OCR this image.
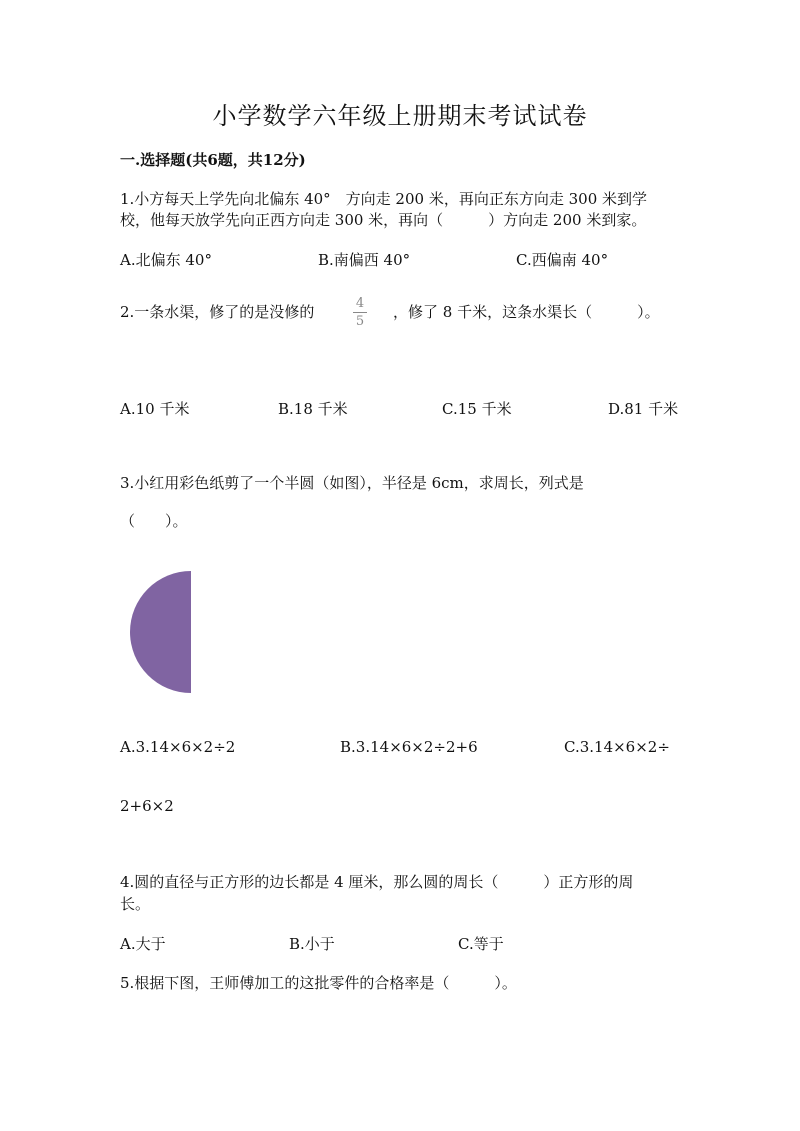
小学数学六年级上册期末考试试卷
一.选择题(共6题，共12分)
1.小方每天上学先向北偏东 40°　方向走 200 米，再向正东方向走 300 米到学
校，他每天放学先向正西方向走 300 米，再向（　　　）方向走 200 米到家。
A.北偏东 40°	B.南偏西 40°	C.西偏南 40°
2.一条水渠，修了的是没修的	4
5
，修了 8 千米，这条水渠长（　　　）。
A.10 千米	B.18 千米	C.15 千米	D.81 千米
3.小红用彩色纸剪了一个半圆（如图），半径是 6cm，求周长，列式是
（　　）。
A.3.14×6×2÷2	B.3.14×6×2÷2+6	C.3.14×6×2÷
2+6×2
4.圆的直径与正方形的边长都是 4 厘米，那么圆的周长（　　　）正方形的周
长。
A.大于	B.小于	C.等于
5.根据下图，王师傅加工的这批零件的合格率是（　　　）。
